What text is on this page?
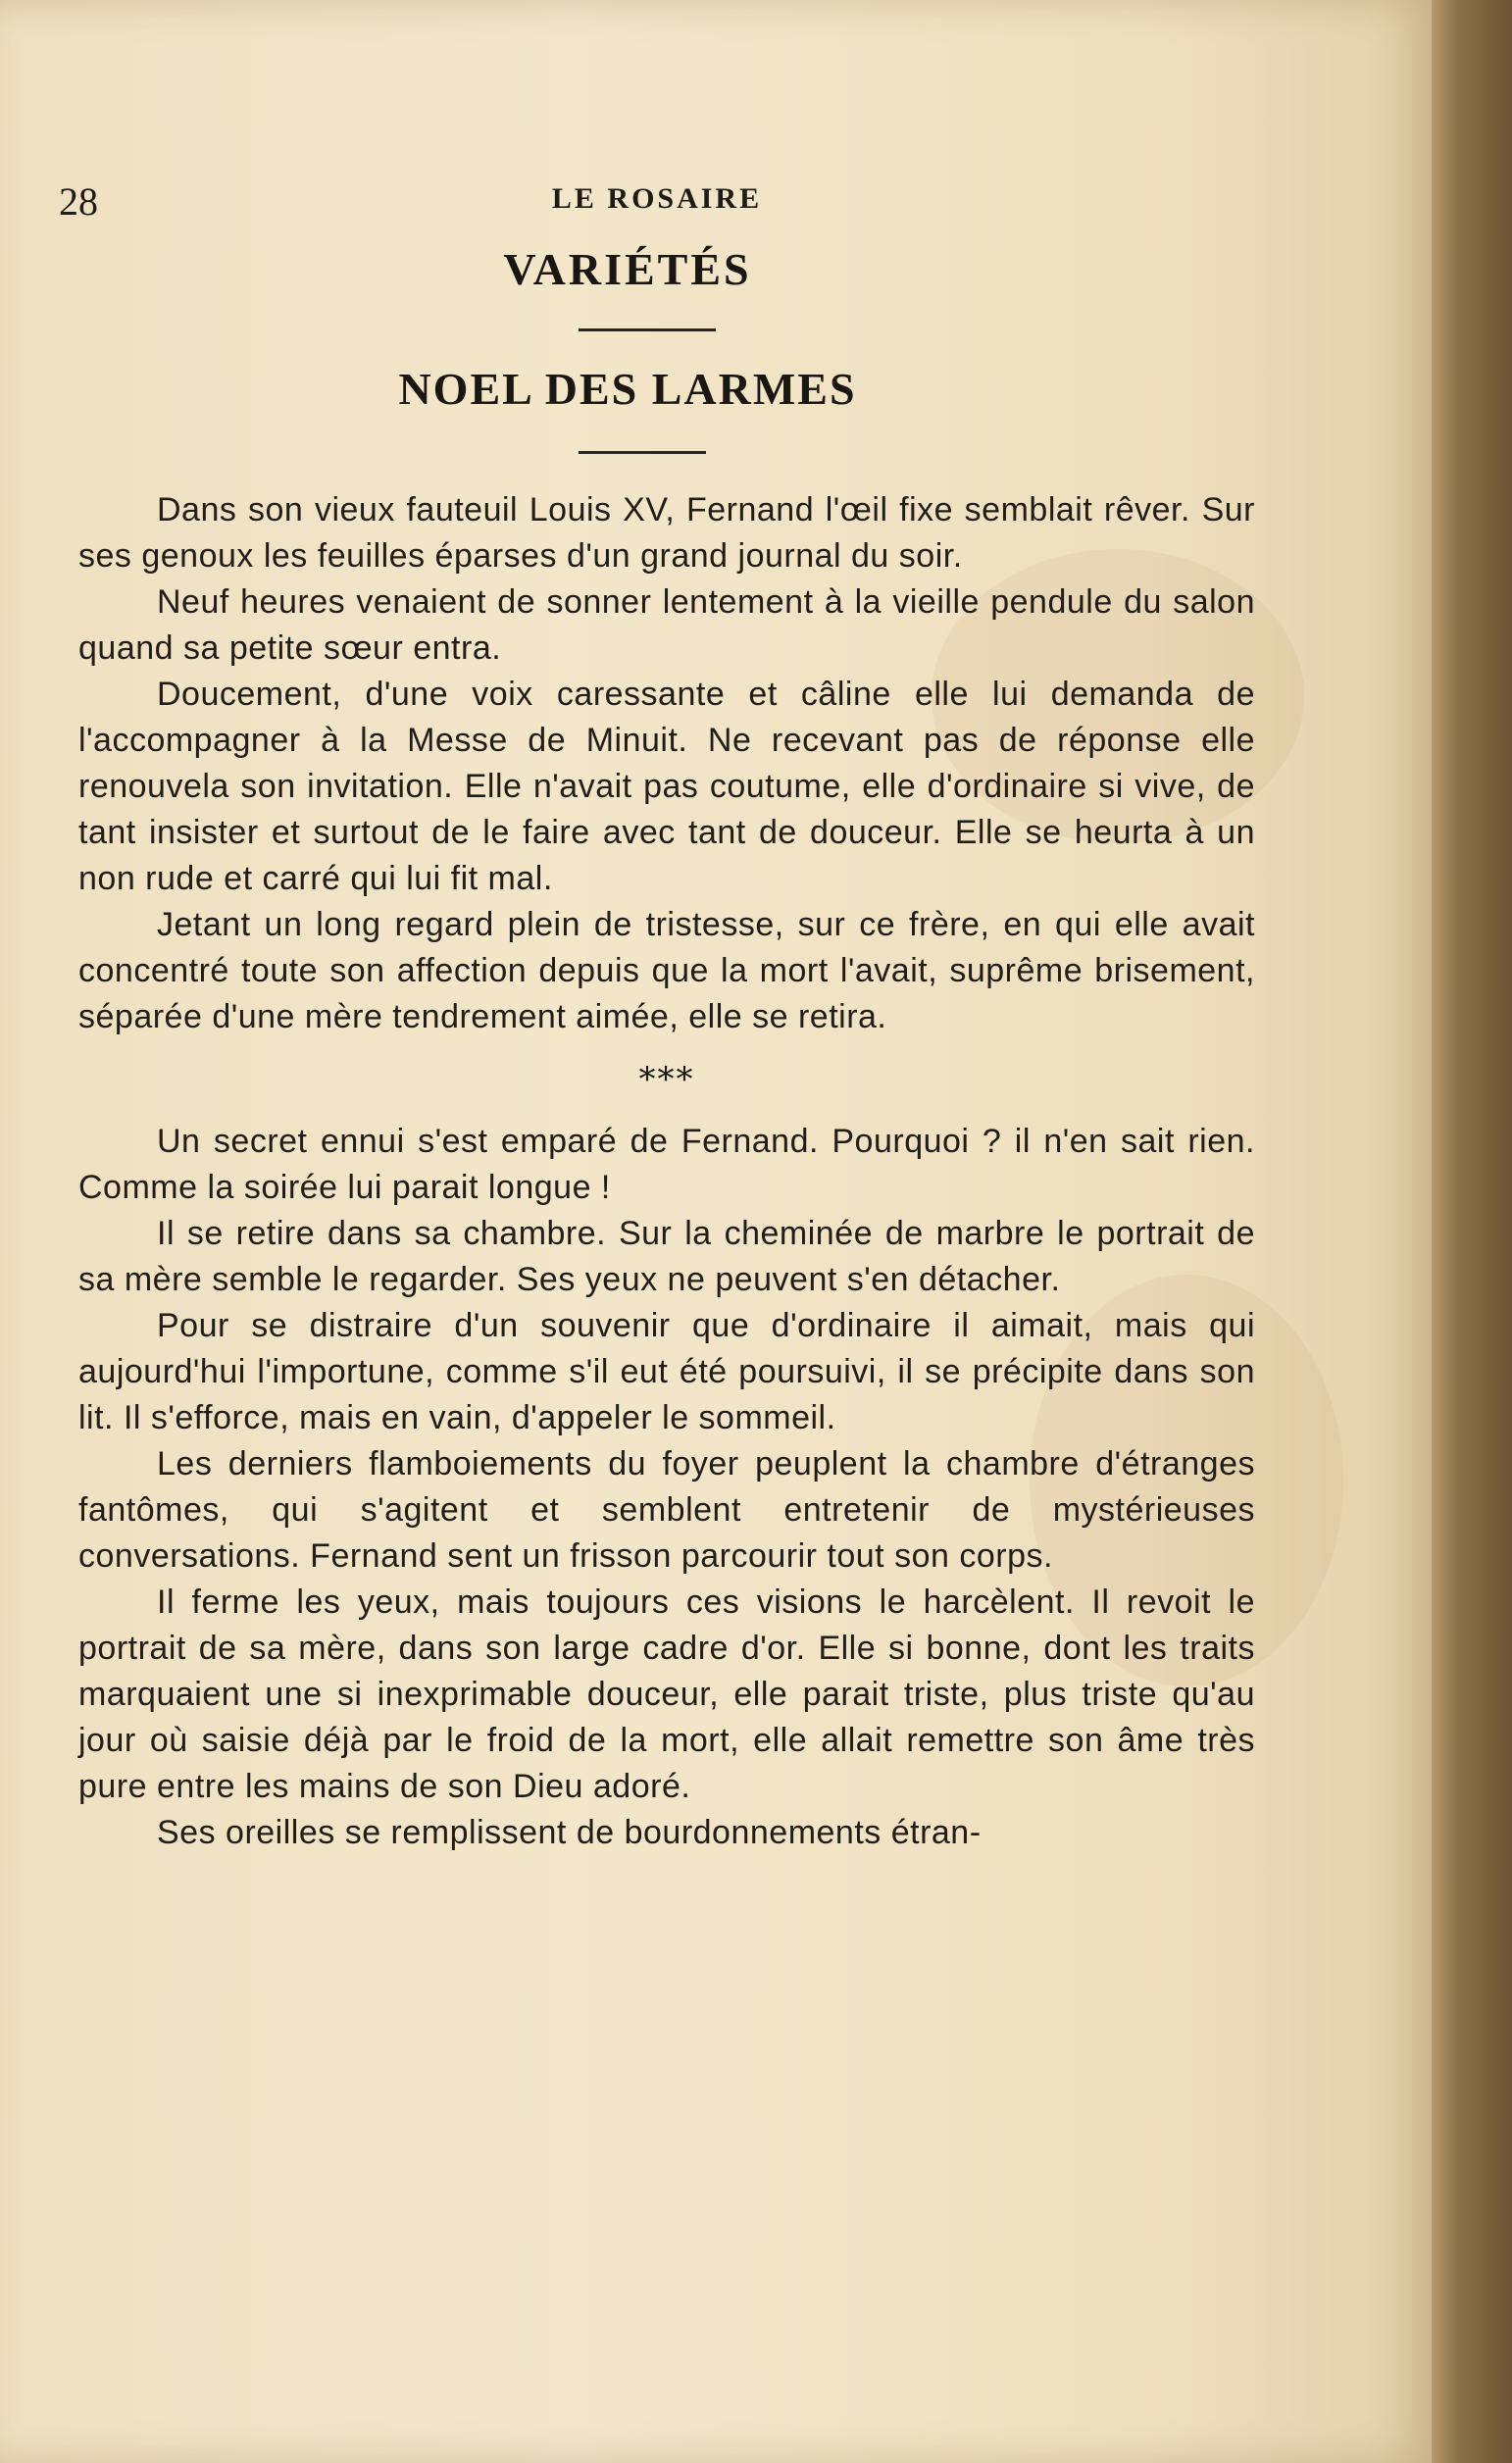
28	LE ROSAIRE
VARIÉTÉS
NOEL DES LARMES

Dans son vieux fauteuil Louis XV, Fernand l'œil fixe semblait rêver. Sur ses genoux les feuilles éparses d'un grand journal du soir.

Neuf heures venaient de sonner lentement à la vieille pendule du salon quand sa petite sœur entra.

Doucement, d'une voix caressante et câline elle lui demanda de l'accompagner à la Messe de Minuit. Ne recevant pas de réponse elle renouvela son invitation. Elle n'avait pas coutume, elle d'ordinaire si vive, de tant insister et surtout de le faire avec tant de douceur. Elle se heurta à un non rude et carré qui lui fit mal.

Jetant un long regard plein de tristesse, sur ce frère, en qui elle avait concentré toute son affection depuis que la mort l'avait, suprême brisement, séparée d'une mère tendrement aimée, elle se retira.

***

Un secret ennui s'est emparé de Fernand. Pourquoi ? il n'en sait rien. Comme la soirée lui parait longue !

Il se retire dans sa chambre. Sur la cheminée de marbre le portrait de sa mère semble le regarder. Ses yeux ne peuvent s'en détacher.

Pour se distraire d'un souvenir que d'ordinaire il aimait, mais qui aujourd'hui l'importune, comme s'il eut été poursuivi, il se précipite dans son lit. Il s'efforce, mais en vain, d'appeler le sommeil.

Les derniers flamboiements du foyer peuplent la chambre d'étranges fantômes, qui s'agitent et semblent entretenir de mystérieuses conversations. Fernand sent un frisson parcourir tout son corps.

Il ferme les yeux, mais toujours ces visions le harcèlent. Il revoit le portrait de sa mère, dans son large cadre d'or. Elle si bonne, dont les traits marquaient une si inexprimable douceur, elle parait triste, plus triste qu'au jour où saisie déjà par le froid de la mort, elle allait remettre son âme très pure entre les mains de son Dieu adoré.

Ses oreilles se remplissent de bourdonnements étran-
